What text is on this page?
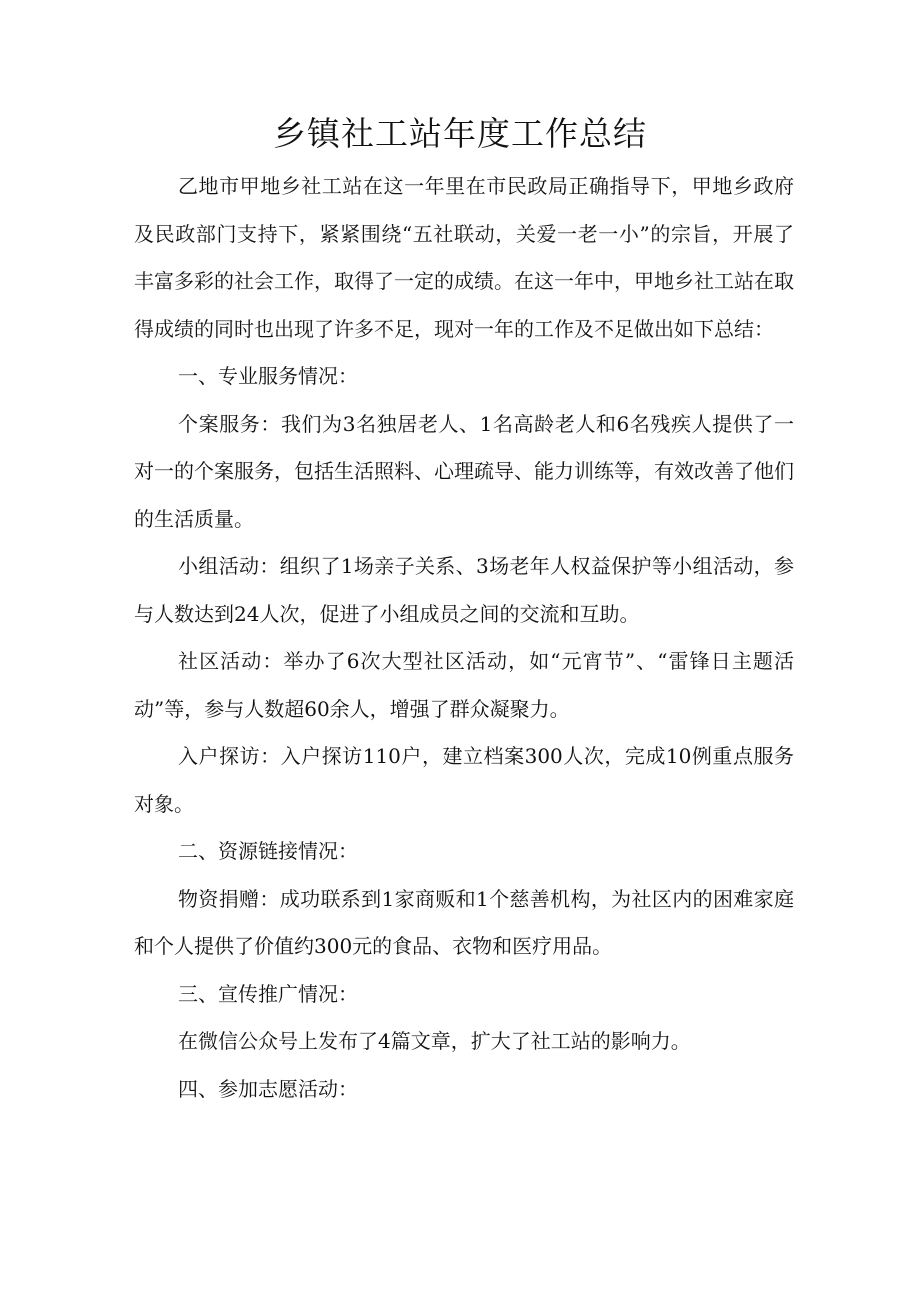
乡镇社工站年度工作总结

乙地市甲地乡社工站在这一年里在市民政局正确指导下，甲地乡政府及民政部门支持下，紧紧围绕“五社联动，关爱一老一小”的宗旨，开展了丰富多彩的社会工作，取得了一定的成绩。在这一年中，甲地乡社工站在取得成绩的同时也出现了许多不足，现对一年的工作及不足做出如下总结：

一、专业服务情况：

个案服务：我们为3名独居老人、1名高龄老人和6名残疾人提供了一对一的个案服务，包括生活照料、心理疏导、能力训练等，有效改善了他们的生活质量。

小组活动：组织了1场亲子关系、3场老年人权益保护等小组活动，参与人数达到24人次，促进了小组成员之间的交流和互助。

社区活动：举办了6次大型社区活动，如“元宵节”、“雷锋日主题活动”等，参与人数超60余人，增强了群众凝聚力。

入户探访：入户探访110户，建立档案300人次，完成10例重点服务对象。

二、资源链接情况：

物资捐赠：成功联系到1家商贩和1个慈善机构，为社区内的困难家庭和个人提供了价值约300元的食品、衣物和医疗用品。

三、宣传推广情况：

在微信公众号上发布了4篇文章，扩大了社工站的影响力。

四、参加志愿活动：
